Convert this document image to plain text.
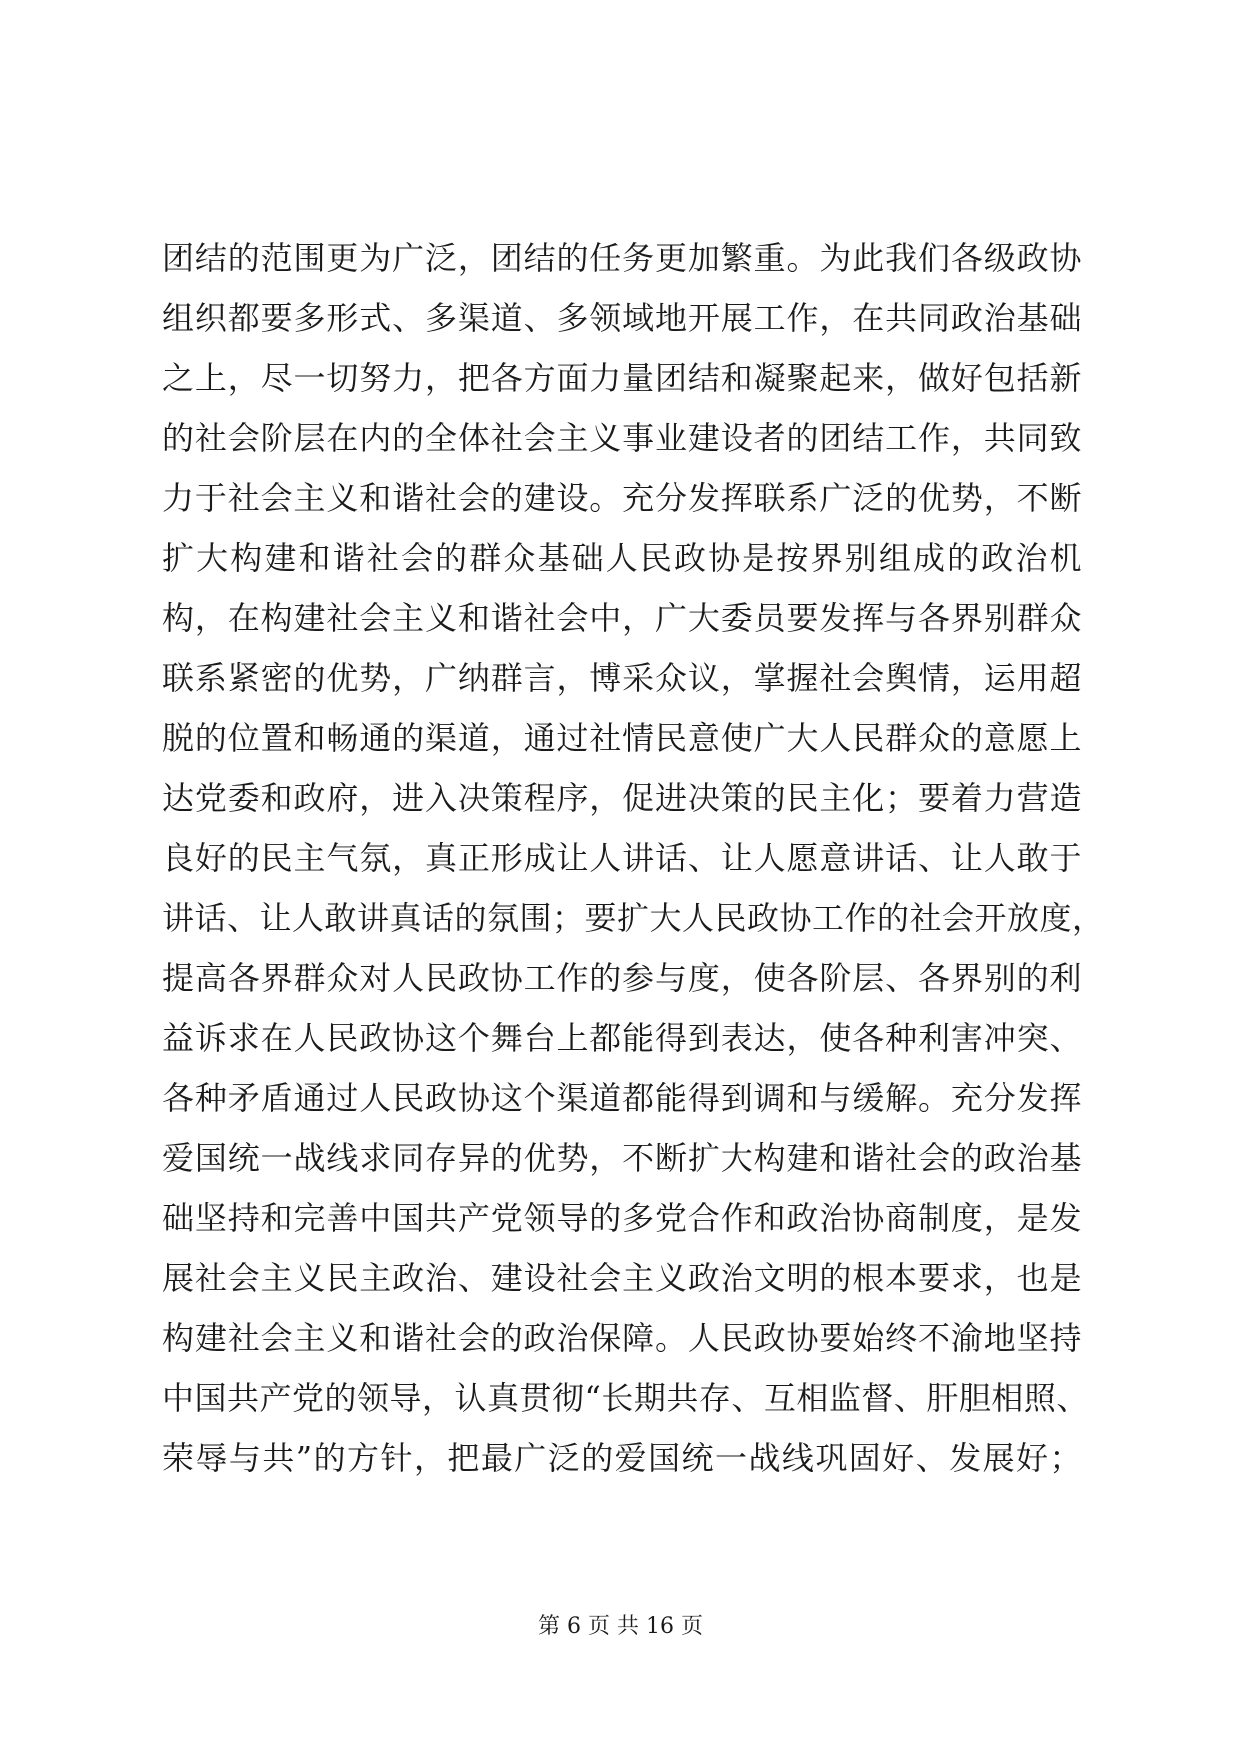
团结的范围更为广泛，团结的任务更加繁重。为此我们各级政协
组织都要多形式、多渠道、多领域地开展工作，在共同政治基础
之上，尽一切努力，把各方面力量团结和凝聚起来，做好包括新
的社会阶层在内的全体社会主义事业建设者的团结工作，共同致
力于社会主义和谐社会的建设。充分发挥联系广泛的优势，不断
扩大构建和谐社会的群众基础人民政协是按界别组成的政治机
构，在构建社会主义和谐社会中，广大委员要发挥与各界别群众
联系紧密的优势，广纳群言，博采众议，掌握社会舆情，运用超
脱的位置和畅通的渠道，通过社情民意使广大人民群众的意愿上
达党委和政府，进入决策程序，促进决策的民主化；要着力营造
良好的民主气氛，真正形成让人讲话、让人愿意讲话、让人敢于
讲话、让人敢讲真话的氛围；要扩大人民政协工作的社会开放度，
提高各界群众对人民政协工作的参与度，使各阶层、各界别的利
益诉求在人民政协这个舞台上都能得到表达，使各种利害冲突、
各种矛盾通过人民政协这个渠道都能得到调和与缓解。充分发挥
爱国统一战线求同存异的优势，不断扩大构建和谐社会的政治基
础坚持和完善中国共产党领导的多党合作和政治协商制度，是发
展社会主义民主政治、建设社会主义政治文明的根本要求，也是
构建社会主义和谐社会的政治保障。人民政协要始终不渝地坚持
中国共产党的领导，认真贯彻“长期共存、互相监督、肝胆相照、
荣辱与共”的方针，把最广泛的爱国统一战线巩固好、发展好；
第 6 页 共 16 页
